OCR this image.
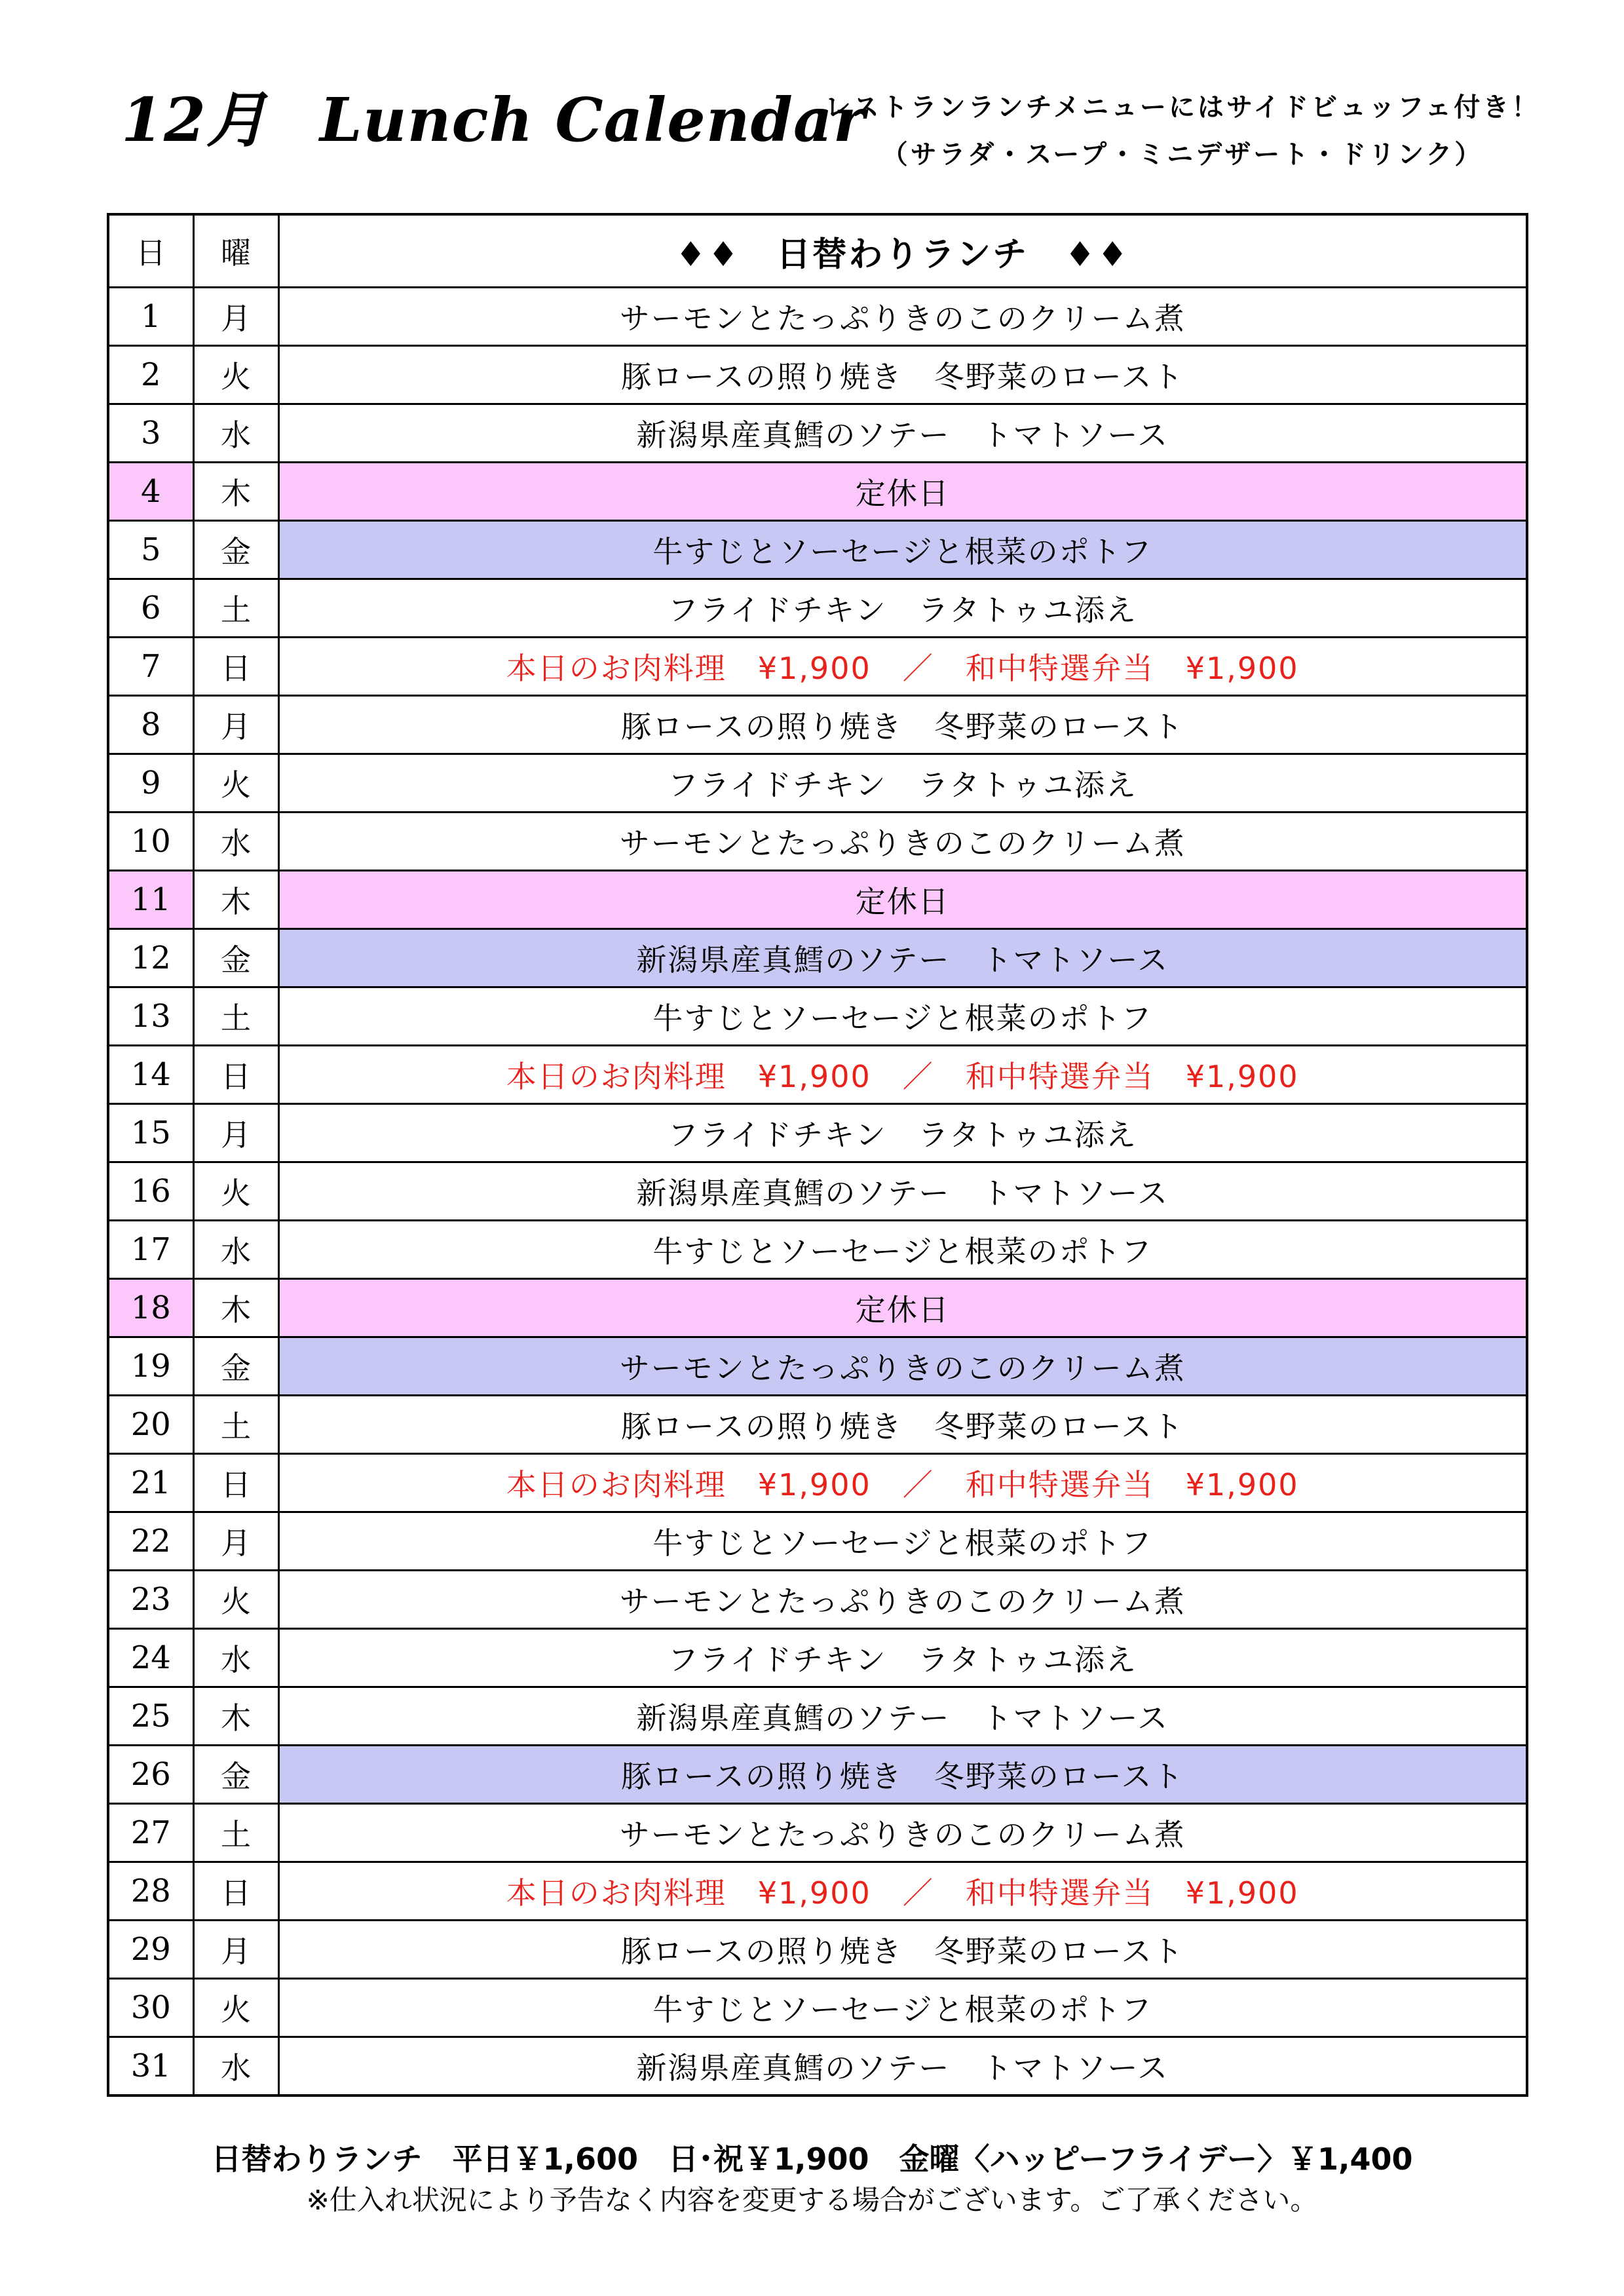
12月 Lunch Calendar
レストランランチメニューにはサイドビュッフェ付き！
（サラダ・スープ・ミニデザート・ドリンク）
日	曜	♦♦　日替わりランチ　♦♦
1	月	サーモンとたっぷりきのこのクリーム煮
2	火	豚ロースの照り焼き　冬野菜のロースト
3	水	新潟県産真鱈のソテー　トマトソース
4	木	定休日
5	金	牛すじとソーセージと根菜のポトフ
6	土	フライドチキン　ラタトゥユ添え
7	日	本日のお肉料理　¥1,900　／　和中特選弁当　¥1,900
8	月	豚ロースの照り焼き　冬野菜のロースト
9	火	フライドチキン　ラタトゥユ添え
10	水	サーモンとたっぷりきのこのクリーム煮
11	木	定休日
12	金	新潟県産真鱈のソテー　トマトソース
13	土	牛すじとソーセージと根菜のポトフ
14	日	本日のお肉料理　¥1,900　／　和中特選弁当　¥1,900
15	月	フライドチキン　ラタトゥユ添え
16	火	新潟県産真鱈のソテー　トマトソース
17	水	牛すじとソーセージと根菜のポトフ
18	木	定休日
19	金	サーモンとたっぷりきのこのクリーム煮
20	土	豚ロースの照り焼き　冬野菜のロースト
21	日	本日のお肉料理　¥1,900　／　和中特選弁当　¥1,900
22	月	牛すじとソーセージと根菜のポトフ
23	火	サーモンとたっぷりきのこのクリーム煮
24	水	フライドチキン　ラタトゥユ添え
25	木	新潟県産真鱈のソテー　トマトソース
26	金	豚ロースの照り焼き　冬野菜のロースト
27	土	サーモンとたっぷりきのこのクリーム煮
28	日	本日のお肉料理　¥1,900　／　和中特選弁当　¥1,900
29	月	豚ロースの照り焼き　冬野菜のロースト
30	火	牛すじとソーセージと根菜のポトフ
31	水	新潟県産真鱈のソテー　トマトソース
日替わりランチ　平日￥1,600　日･祝￥1,900　金曜〈ハッピーフライデー〉￥1,400
※仕入れ状況により予告なく内容を変更する場合がございます。ご了承ください。
